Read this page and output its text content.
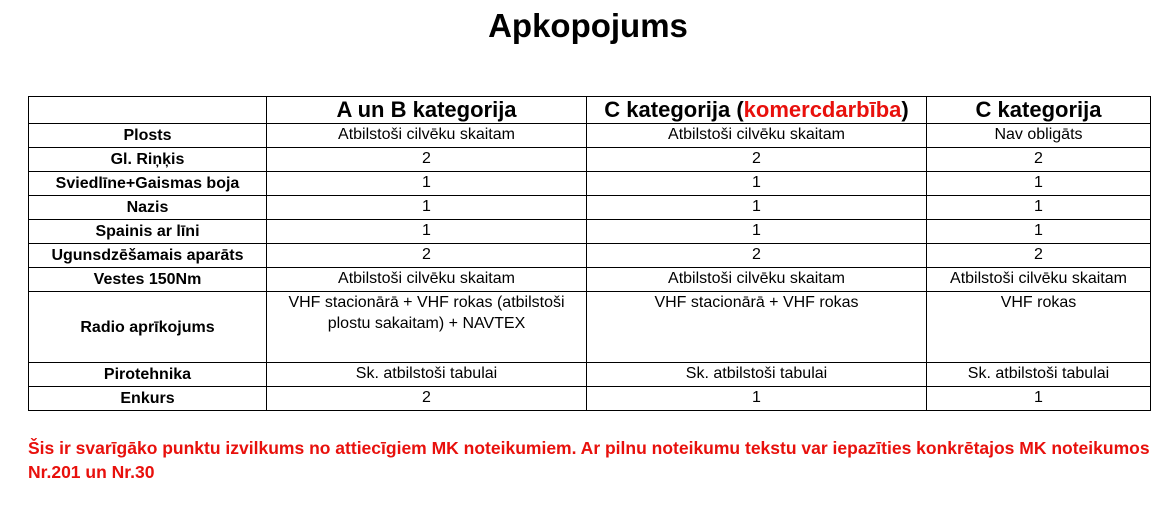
Apkopojums
	A un B kategorija	C kategorija (komercdarbība)	C kategorija
Plosts	Atbilstoši cilvēku skaitam	Atbilstoši cilvēku skaitam	Nav obligāts
Gl. Riņķis	2	2	2
Sviedlīne+Gaismas boja	1	1	1
Nazis	1	1	1
Spainis ar līni	1	1	1
Ugunsdzēšamais aparāts	2	2	2
Vestes 150Nm	Atbilstoši cilvēku skaitam	Atbilstoši cilvēku skaitam	Atbilstoši cilvēku skaitam
Radio aprīkojums	VHF stacionārā + VHF rokas (atbilstoši plostu sakaitam) + NAVTEX	VHF stacionārā + VHF rokas	VHF rokas
Pirotehnika	Sk. atbilstoši tabulai	Sk. atbilstoši tabulai	Sk. atbilstoši tabulai
Enkurs	2	1	1
Šis ir svarīgāko punktu izvilkums no attiecīgiem MK noteikumiem. Ar pilnu noteikumu tekstu var iepazīties konkrētajos MK noteikumos Nr.201 un Nr.30
